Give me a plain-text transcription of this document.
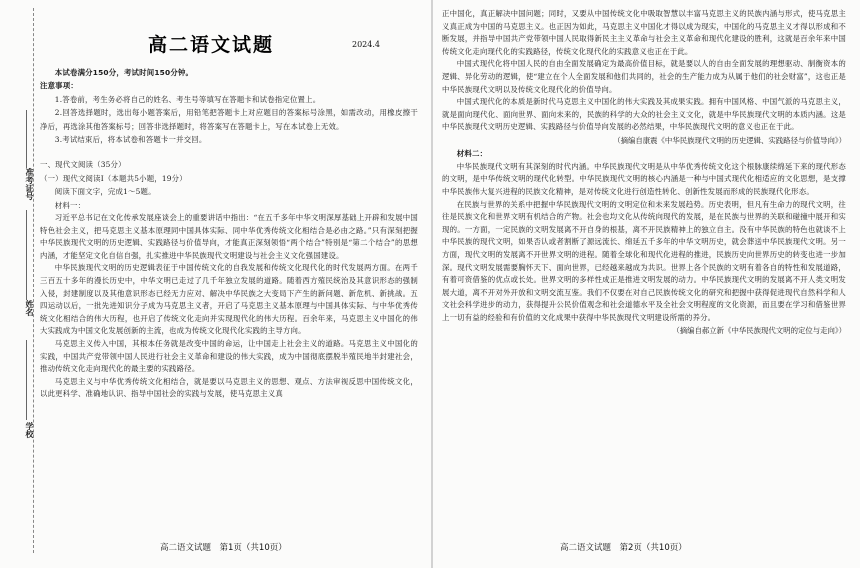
准考证号
姓名
学校
高二语文试题	2024.4

本试卷满分150分，考试时间150分钟。

注意事项：

1.答卷前，考生务必将自己的姓名、考生号等填写在答题卡和试卷指定位置上。

2.回答选择题时，选出每小题答案后，用铅笔把答题卡上对应题目的答案标号涂黑，如需改动，用橡皮擦干净后，再选涂其他答案标号；回答非选择题时，将答案写在答题卡上，写在本试卷上无效。

3.考试结束后，将本试卷和答题卡一并交回。

一、现代文阅读（35分）

（一）现代文阅读Ⅰ（本题共5小题，19分）

阅读下面文字，完成1～5题。

材料一：

习近平总书记在文化传承发展座谈会上的重要讲话中指出：“在五千多年中华文明深厚基础上开辟和发展中国特色社会主义，把马克思主义基本原理同中国具体实际、同中华优秀传统文化相结合是必由之路。”只有深刻把握中华民族现代文明的历史逻辑、实践路径与价值导向，才能真正深刻领悟“两个结合”特别是“第二个结合”的思想内涵，才能坚定文化自信自强，扎实推进中华民族现代文明建设与社会主义文化强国建设。

中华民族现代文明的历史逻辑表征于中国传统文化的自我发展和传统文化现代化的时代发展两方面。在两千三百五十多年的漫长历史中，中华文明已走过了几千年独立发展的道路。随着西方殖民统治及其意识形态的强制入侵，封建制度以及其他意识形态已经无力应对、解决中华民族之大变局下产生的新问题、新危机、新挑战。五四运动以后，一批先进知识分子成为马克思主义者，开启了马克思主义基本原理与中国具体实际、与中华优秀传统文化相结合的伟大历程，也开启了传统文化走向并实现现代化的伟大历程。百余年来，马克思主义中国化的伟大实践成为中国文化发展创新的主流，也成为传统文化现代化实践的主导方向。

马克思主义传入中国，其根本任务就是改变中国的命运，让中国走上社会主义的道路。马克思主义中国化的实践，中国共产党带领中国人民进行社会主义革命和建设的伟大实践，成为中国彻底摆脱半殖民地半封建社会，推动传统文化走向现代化的最主要的实践路径。

马克思主义与中华优秀传统文化相结合，就是要以马克思主义的思想、观点、方法审视反思中国传统文化，以此更科学、准确地认识、指导中国社会的实践与发展，使马克思主义真

高二语文试题　第1页（共10页）

正中国化，真正解决中国问题；同时，又要从中国传统文化中吸取智慧以丰富马克思主义的民族内涵与形式，使马克思主义真正成为中国的马克思主义。也正因为如此，马克思主义中国化才得以成为现实，中国化的马克思主义才得以形成和不断发展，并指导中国共产党带领中国人民取得新民主主义革命与社会主义革命和现代化建设的胜利，这就是百余年来中国传统文化走向现代化的实践路径，传统文化现代化的实践意义也正在于此。

中国式现代化将中国人民的自由全面发展确定为最高价值目标，就是要以人的自由全面发展的理想驱动、制衡资本的逻辑、异化劳动的逻辑，使“建立在个人全面发展和他们共同的，社会的生产能力成为从属于他们的社会财富”，这也正是中华民族现代文明以及传统文化现代化的价值导向。

中国式现代化的本质是新时代马克思主义中国化的伟大实践及其成果实践。拥有中国风格、中国气派的马克思主义，就是面向现代化、面向世界、面向未来的，民族的科学的大众的社会主义文化，就是中华民族现代文明的本质内涵。这是中华民族现代文明历史逻辑、实践路径与价值导向发展的必然结果，中华民族现代文明的意义也正在于此。

（摘编自康震《中华民族现代文明的历史逻辑、实践路径与价值导向》）

材料二：

中华民族现代文明有其深刻的时代内涵。中华民族现代文明是从中华优秀传统文化这个根脉康续绵延下来的现代形态的文明，是中华传统文明的现代化转型。中华民族现代文明的核心内涵是一种与中国式现代化相适应的文化思想，是支撑中华民族伟大复兴进程的民族文化精神，是对传统文化进行创造性转化、创新性发展而形成的民族现代化形态。

在民族与世界的关系中把握中华民族现代文明的文明定位和未来发展趋势。历史表明，但凡有生命力的现代文明，往往是民族文化和世界文明有机结合的产物。社会也均文化从传统向现代的发展，是在民族与世界的关联和碰撞中展开和实现的。一方面，一定民族的文明发展离不开自身的根基，离不开民族精神上的独立自主。没有中华民族的特色也就谈不上中华民族的现代文明，如果否认或者割断了源远流长、绵延五千多年的中华文明历史，就会葬送中华民族现代文明。另一方面，现代文明的发展离不开世界文明的进程。随着全球化和现代化进程的推进，民族历史向世界历史的转变也进一步加深。现代文明发展需要胸怀天下、面向世界，已经越来越成为共识。世界上各个民族的文明有着各自的特性和发展道路，有着可资借鉴的优点或长处。世界文明的多样性成正是推进文明发展的动力。中华民族现代文明的发展离不开人类文明发展大道，离不开对外开放和文明交流互鉴。我们不仅要在对自己民族传统文化的研究和把握中获得促进现代自然科学和人文社会科学进步的动力，获得提升公民价值观念和社会道德水平及全社会文明程度的文化资源，而且要在学习和借鉴世界上一切有益的经验和有价值的文化成果中获得中华民族现代文明建设所需的养分。

（摘编自郝立新《中华民族现代文明的定位与走向》）

高二语文试题　第2页（共10页）
